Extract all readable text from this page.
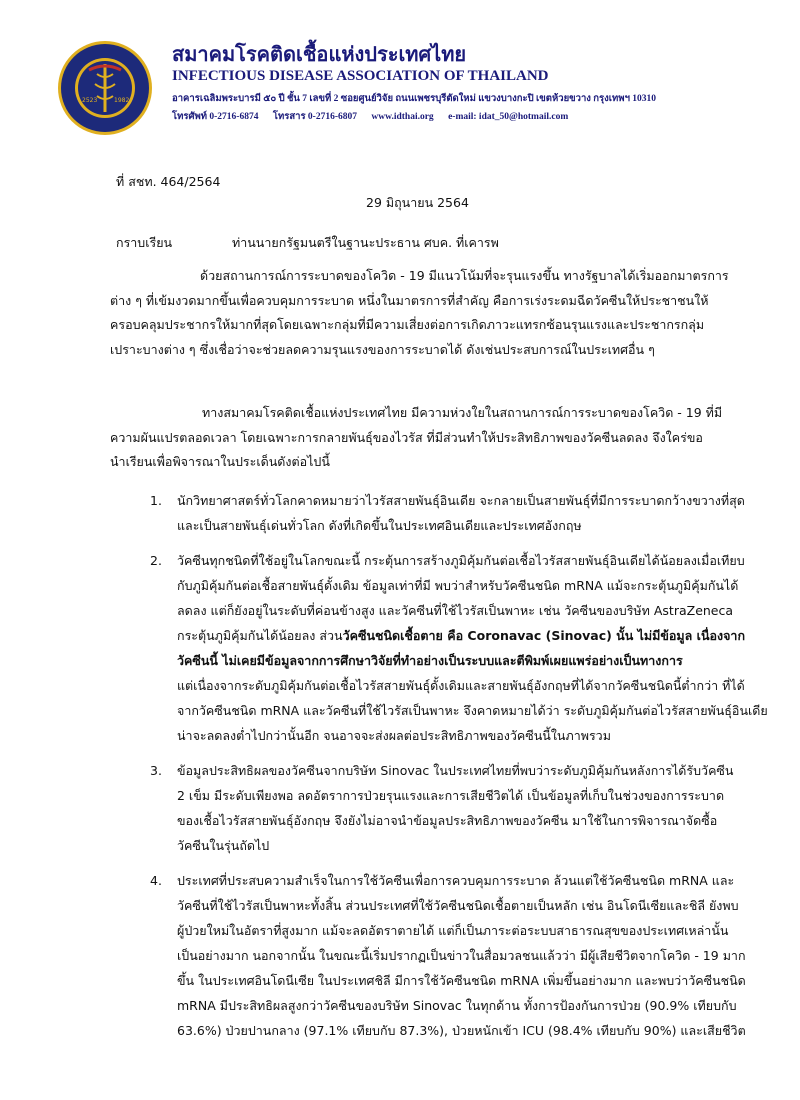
2523	1982
สมาคมโรคติดเชื้อแห่งประเทศไทย
INFECTIOUS DISEASE ASSOCIATION OF THAILAND
อาคารเฉลิมพระบารมี ๕๐ ปี ชั้น 7 เลขที่ 2 ซอยศูนย์วิจัย ถนนเพชรบุรีตัดใหม่ แขวงบางกะปิ เขตห้วยขวาง กรุงเทพฯ 10310
โทรศัพท์ 0-2716-6874 โทรสาร 0-2716-6807 www.idthai.org e-mail: idat_50@hotmail.com
ที่ สชท. 464/2564
29 มิถุนายน 2564
กราบเรียน	ท่านนายกรัฐมนตรีในฐานะประธาน ศบค. ที่เคารพ
ด้วยสถานการณ์การระบาดของโควิด - 19 มีแนวโน้มที่จะรุนแรงขึ้น ทางรัฐบาลได้เริ่มออกมาตรการ
ต่าง ๆ ที่เข้มงวดมากขึ้นเพื่อควบคุมการระบาด หนึ่งในมาตรการที่สำคัญ คือการเร่งระดมฉีดวัคซีนให้ประชาชนให้
ครอบคลุมประชากรให้มากที่สุดโดยเฉพาะกลุ่มที่มีความเสี่ยงต่อการเกิดภาวะแทรกซ้อนรุนแรงและประชากรกลุ่ม
เปราะบางต่าง ๆ ซึ่งเชื่อว่าจะช่วยลดความรุนแรงของการระบาดได้ ดังเช่นประสบการณ์ในประเทศอื่น ๆ
ทางสมาคมโรคติดเชื้อแห่งประเทศไทย มีความห่วงใยในสถานการณ์การระบาดของโควิด - 19 ที่มี
ความผันแปรตลอดเวลา โดยเฉพาะการกลายพันธุ์ของไวรัส ที่มีส่วนทำให้ประสิทธิภาพของวัคซีนลดลง จึงใคร่ขอ
นำเรียนเพื่อพิจารณาในประเด็นดังต่อไปนี้
1. นักวิทยาศาสตร์ทั่วโลกคาดหมายว่าไวรัสสายพันธุ์อินเดีย จะกลายเป็นสายพันธุ์ที่มีการระบาดกว้างขวางที่สุด
และเป็นสายพันธุ์เด่นทั่วโลก ดังที่เกิดขึ้นในประเทศอินเดียและประเทศอังกฤษ
2. วัคซีนทุกชนิดที่ใช้อยู่ในโลกขณะนี้ กระตุ้นการสร้างภูมิคุ้มกันต่อเชื้อไวรัสสายพันธุ์อินเดียได้น้อยลงเมื่อเทียบ
กับภูมิคุ้มกันต่อเชื้อสายพันธุ์ดั้งเดิม ข้อมูลเท่าที่มี พบว่าสำหรับวัคซีนชนิด mRNA แม้จะกระตุ้นภูมิคุ้มกันได้
ลดลง แต่ก็ยังอยู่ในระดับที่ค่อนข้างสูง และวัคซีนที่ใช้ไวรัสเป็นพาหะ เช่น วัคซีนของบริษัท AstraZeneca
กระตุ้นภูมิคุ้มกันได้น้อยลง ส่วนวัคซีนชนิดเชื้อตาย คือ Coronavac (Sinovac) นั้น ไม่มีข้อมูล เนื่องจาก
วัคซีนนี้ ไม่เคยมีข้อมูลจากการศึกษาวิจัยที่ทำอย่างเป็นระบบและตีพิมพ์เผยแพร่อย่างเป็นทางการ
แต่เนื่องจากระดับภูมิคุ้มกันต่อเชื้อไวรัสสายพันธุ์ดั้งเดิมและสายพันธุ์อังกฤษที่ได้จากวัคซีนชนิดนี้ต่ำกว่า ที่ได้
จากวัคซีนชนิด mRNA และวัคซีนที่ใช้ไวรัสเป็นพาหะ จึงคาดหมายได้ว่า ระดับภูมิคุ้มกันต่อไวรัสสายพันธุ์อินเดีย
น่าจะลดลงต่ำไปกว่านั้นอีก จนอาจจะส่งผลต่อประสิทธิภาพของวัคซีนนี้ในภาพรวม
3. ข้อมูลประสิทธิผลของวัคซีนจากบริษัท Sinovac ในประเทศไทยที่พบว่าระดับภูมิคุ้มกันหลังการได้รับวัคซีน
2 เข็ม มีระดับเพียงพอ ลดอัตราการป่วยรุนแรงและการเสียชีวิตได้ เป็นข้อมูลที่เก็บในช่วงของการระบาด
ของเชื้อไวรัสสายพันธุ์อังกฤษ จึงยังไม่อาจนำข้อมูลประสิทธิภาพของวัคซีน มาใช้ในการพิจารณาจัดซื้อ
วัคซีนในรุ่นถัดไป
4. ประเทศที่ประสบความสำเร็จในการใช้วัคซีนเพื่อการควบคุมการระบาด ล้วนแต่ใช้วัคซีนชนิด mRNA และ
วัคซีนที่ใช้ไวรัสเป็นพาหะทั้งสิ้น ส่วนประเทศที่ใช้วัคซีนชนิดเชื้อตายเป็นหลัก เช่น อินโดนีเซียและชิลี ยังพบ
ผู้ป่วยใหม่ในอัตราที่สูงมาก แม้จะลดอัตราตายได้ แต่ก็เป็นภาระต่อระบบสาธารณสุขของประเทศเหล่านั้น
เป็นอย่างมาก นอกจากนั้น ในขณะนี้เริ่มปรากฏเป็นข่าวในสื่อมวลชนแล้วว่า มีผู้เสียชีวิตจากโควิด - 19 มาก
ขึ้น ในประเทศอินโดนีเซีย ในประเทศชิลี มีการใช้วัคซีนชนิด mRNA เพิ่มขึ้นอย่างมาก และพบว่าวัคซีนชนิด
mRNA มีประสิทธิผลสูงกว่าวัคซีนของบริษัท Sinovac ในทุกด้าน ทั้งการป้องกันการป่วย (90.9% เทียบกับ
63.6%) ป่วยปานกลาง (97.1% เทียบกับ 87.3%), ป่วยหนักเข้า ICU (98.4% เทียบกับ 90%) และเสียชีวิต
